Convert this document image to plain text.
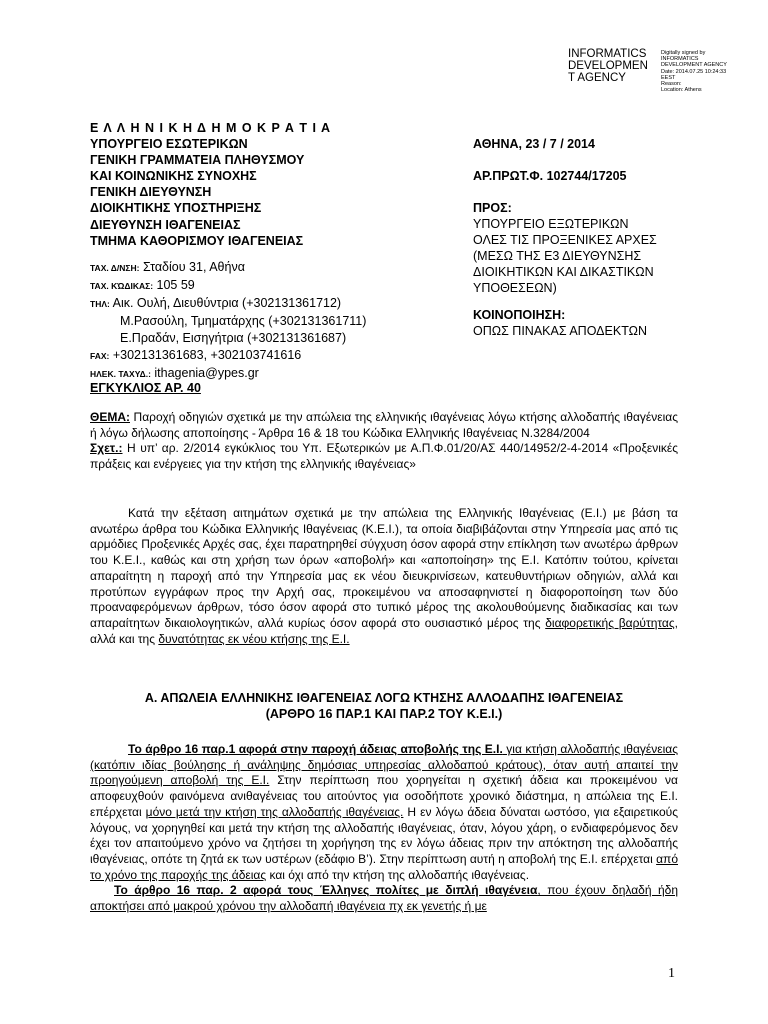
INFORMATICS
DEVELOPMEN
T AGENCY
Digitally signed by
INFORMATICS
DEVELOPMENT AGENCY
Date: 2014.07.25 10:24:33
EEST
Reason:
Location: Athens
Ε Λ Λ Η Ν Ι Κ Η Δ Η Μ Ο Κ Ρ Α Τ Ι Α
ΥΠΟΥΡΓΕΙΟ ΕΣΩΤΕΡΙΚΩΝ
ΓΕΝΙΚΗ ΓΡΑΜΜΑΤΕΙΑ ΠΛΗΘΥΣΜΟΥ
ΚΑΙ ΚΟΙΝΩΝΙΚΗΣ ΣΥΝΟΧΗΣ
ΓΕΝΙΚΗ ΔΙΕΥΘΥΝΣΗ
ΔΙΟΙΚΗΤΙΚΗΣ ΥΠΟΣΤΗΡΙΞΗΣ
ΔΙΕΥΘΥΝΣΗ ΙΘΑΓΕΝΕΙΑΣ
ΤΜΗΜΑ ΚΑΘΟΡΙΣΜΟΥ ΙΘΑΓΕΝΕΙΑΣ
ΑΘΗΝΑ, 23 / 7 / 2014
ΑΡ.ΠΡΩΤ.Φ. 102744/17205
ΠΡΟΣ:
ΥΠΟΥΡΓΕΙΟ ΕΞΩΤΕΡΙΚΩΝ
ΟΛΕΣ ΤΙΣ ΠΡΟΞΕΝΙΚΕΣ ΑΡΧΕΣ
(ΜΕΣΩ ΤΗΣ Ε3 ΔΙΕΥΘΥΝΣΗΣ
ΔΙΟΙΚΗΤΙΚΩΝ ΚΑΙ ΔΙΚΑΣΤΙΚΩΝ
ΥΠΟΘΕΣΕΩΝ)
ΚΟΙΝΟΠΟΙΗΣΗ:
ΟΠΩΣ ΠΙΝΑΚΑΣ ΑΠΟΔΕΚΤΩΝ
ΤΑΧ. Δ/ΝΣΗ: Σταδίου 31, Αθήνα
ΤΑΧ. ΚΏΔΙΚΑΣ: 105 59
ΤΗΛ: Αικ. Ουλή, Διευθύντρια (+302131361712)
Μ.Ρασούλη, Τμηματάρχης (+302131361711)
Ε.Πραδάν, Εισηγήτρια (+302131361687)
FAX: +302131361683, +302103741616
ΗΛΕΚ. ΤΑΧΥΔ.: ithagenia@ypes.gr
ΕΓΚΥΚΛΙΟΣ ΑΡ. 40

ΘΕΜΑ: Παροχή οδηγιών σχετικά με την απώλεια της ελληνικής ιθαγένειας λόγω κτήσης αλλοδαπής ιθαγένειας ή λόγω δήλωσης αποποίησης - Άρθρα 16 & 18 του Κώδικα Ελληνικής Ιθαγένειας Ν.3284/2004

Σχετ.: Η υπ’ αρ. 2/2014 εγκύκλιος του Υπ. Εξωτερικών με Α.Π.Φ.01/20/ΑΣ 440/14952/2-4-2014 «Προξενικές πράξεις και ενέργειες για την κτήση της ελληνικής ιθαγένειας»

Κατά την εξέταση αιτημάτων σχετικά με την απώλεια της Ελληνικής Ιθαγένειας (Ε.Ι.) με βάση τα ανωτέρω άρθρα του Κώδικα Ελληνικής Ιθαγένειας (Κ.Ε.Ι.), τα οποία διαβιβάζονται στην Υπηρεσία μας από τις αρμόδιες Προξενικές Αρχές σας, έχει παρατηρηθεί σύγχυση όσον αφορά στην επίκληση των ανωτέρω άρθρων του Κ.Ε.Ι., καθώς και στη χρήση των όρων «αποβολή» και «αποποίηση» της Ε.Ι. Κατόπιν τούτου, κρίνεται απαραίτητη η παροχή από την Υπηρεσία μας εκ νέου διευκρινίσεων, κατευθυντήριων οδηγιών, αλλά και προτύπων εγγράφων προς την Αρχή σας, προκειμένου να αποσαφηνιστεί η διαφοροποίηση των δύο προαναφερόμενων άρθρων, τόσο όσον αφορά στο τυπικό μέρος της ακολουθούμενης διαδικασίας και των απαραίτητων δικαιολογητικών, αλλά κυρίως όσον αφορά στο ουσιαστικό μέρος της διαφορετικής βαρύτητας, αλλά και της δυνατότητας εκ νέου κτήσης της Ε.Ι.

Α. ΑΠΩΛΕΙΑ ΕΛΛΗΝΙΚΗΣ ΙΘΑΓΕΝΕΙΑΣ ΛΟΓΩ ΚΤΗΣΗΣ ΑΛΛΟΔΑΠΗΣ ΙΘΑΓΕΝΕΙΑΣ
(ΑΡΘΡΟ 16 ΠΑΡ.1 ΚΑΙ ΠΑΡ.2 ΤΟΥ Κ.Ε.Ι.)

Το άρθρο 16 παρ.1 αφορά στην παροχή άδειας αποβολής της Ε.Ι. για κτήση αλλοδαπής ιθαγένειας (κατόπιν ιδίας βούλησης ή ανάληψης δημόσιας υπηρεσίας αλλοδαπού κράτους), όταν αυτή απαιτεί την προηγούμενη αποβολή της Ε.Ι. Στην περίπτωση που χορηγείται η σχετική άδεια και προκειμένου να αποφευχθούν φαινόμενα ανιθαγένειας του αιτούντος για οσοδήποτε χρονικό διάστημα, η απώλεια της Ε.Ι. επέρχεται μόνο μετά την κτήση της αλλοδαπής ιθαγένειας. Η εν λόγω άδεια δύναται ωστόσο, για εξαιρετικούς λόγους, να χορηγηθεί και μετά την κτήση της αλλοδαπής ιθαγένειας, όταν, λόγου χάρη, ο ενδιαφερόμενος δεν έχει τον απαιτούμενο χρόνο να ζητήσει τη χορήγηση της εν λόγω άδειας πριν την απόκτηση της αλλοδαπής ιθαγένειας, οπότε τη ζητά εκ των υστέρων (εδάφιο Β’). Στην περίπτωση αυτή η αποβολή της Ε.Ι. επέρχεται από το χρόνο της παροχής της άδειας και όχι από την κτήση της αλλοδαπής ιθαγένειας.

Το άρθρο 16 παρ. 2 αφορά τους Έλληνες πολίτες με διπλή ιθαγένεια, που έχουν δηλαδή ήδη αποκτήσει από μακρού χρόνου την αλλοδαπή ιθαγένεια πχ εκ γενετής ή με

1
